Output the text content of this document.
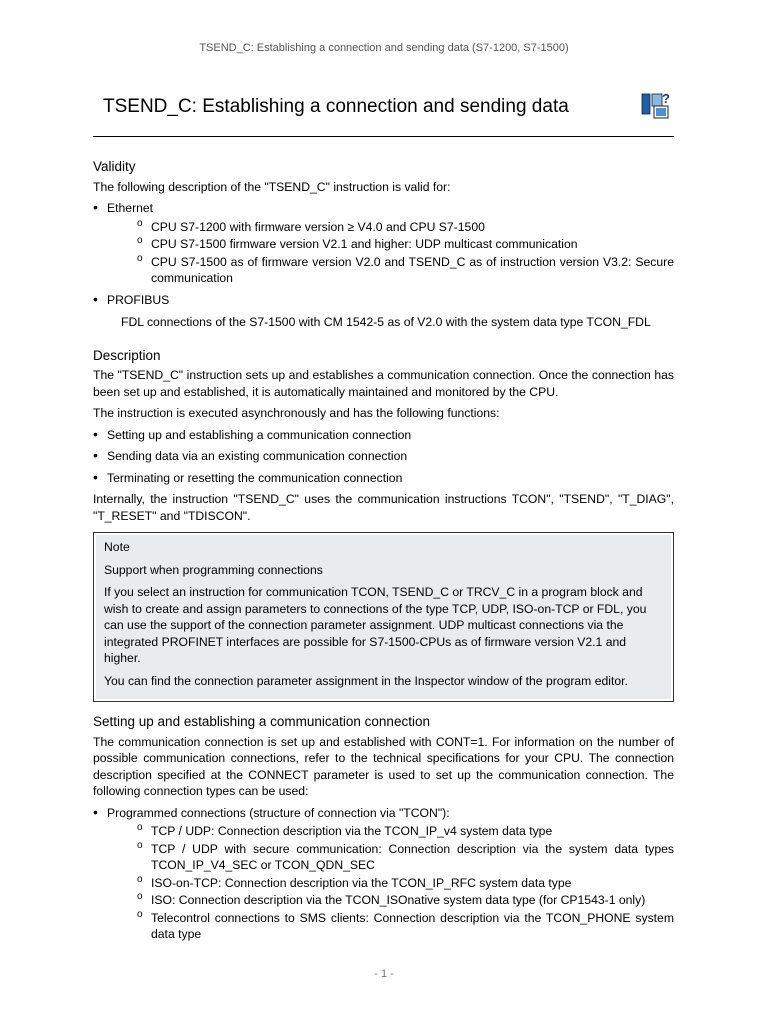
TSEND_C: Establishing a connection and sending data (S7-1200, S7-1500)
TSEND_C: Establishing a connection and sending data	?
Validity

The following description of the "TSEND_C" instruction is valid for:

• Ethernet
o CPU S7-1200 with firmware version ≥ V4.0 and CPU S7-1500
o CPU S7-1500 firmware version V2.1 and higher: UDP multicast communication
o CPU S7-1500 as of firmware version V2.0 and TSEND_C as of instruction version V3.2: Secure communication
• PROFIBUS
FDL connections of the S7-1500 with CM 1542-5 as of V2.0 with the system data type TCON_FDL
Description

The "TSEND_C" instruction sets up and establishes a communication connection. Once the connection has been set up and established, it is automatically maintained and monitored by the CPU.

The instruction is executed asynchronously and has the following functions:

• Setting up and establishing a communication connection
• Sending data via an existing communication connection
• Terminating or resetting the communication connection

Internally, the instruction "TSEND_C" uses the communication instructions TCON", "TSEND", "T_DIAG", "T_RESET" and "TDISCON".

Note

Support when programming connections

If you select an instruction for communication TCON, TSEND_C or TRCV_C in a program block and wish to create and assign parameters to connections of the type TCP, UDP, ISO-on-TCP or FDL, you can use the support of the connection parameter assignment. UDP multicast connections via the integrated PROFINET interfaces are possible for S7-1500-CPUs as of firmware version V2.1 and higher.

You can find the connection parameter assignment in the Inspector window of the program editor.

Setting up and establishing a communication connection

The communication connection is set up and established with CONT=1. For information on the number of possible communication connections, refer to the technical specifications for your CPU. The connection description specified at the CONNECT parameter is used to set up the communication connection. The following connection types can be used:

• Programmed connections (structure of connection via "TCON"):
o TCP / UDP: Connection description via the TCON_IP_v4 system data type
o TCP / UDP with secure communication: Connection description via the system data types TCON_IP_V4_SEC or TCON_QDN_SEC
o ISO-on-TCP: Connection description via the TCON_IP_RFC system data type
o ISO: Connection description via the TCON_ISOnative system data type (for CP1543-1 only)
o Telecontrol connections to SMS clients: Connection description via the TCON_PHONE system data type
- 1 -
